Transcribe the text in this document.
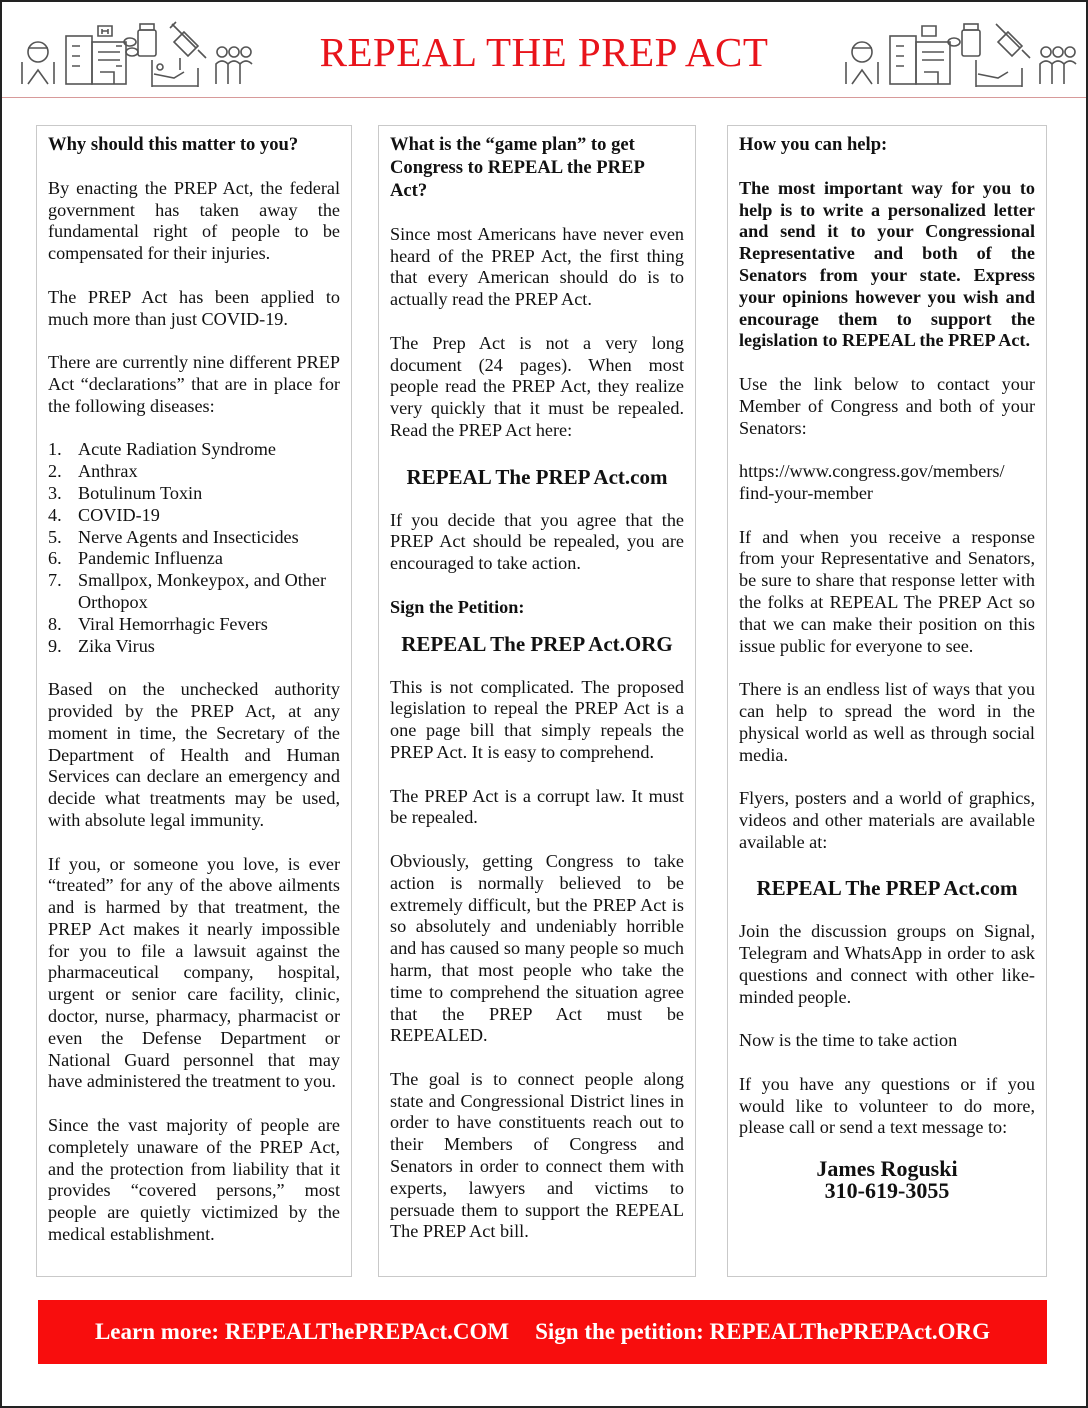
REPEAL THE PREP ACT
Why should this matter to you?

By enacting the PREP Act, the federal government has taken away the fundamental right of people to be compensated for their injuries.

The PREP Act has been applied to much more than just COVID-19.

There are currently nine different PREP Act “declarations” that are in place for the following diseases:

1. Acute Radiation Syndrome
2. Anthrax
3. Botulinum Toxin
4. COVID-19
5. Nerve Agents and Insecticides
6. Pandemic Influenza
7. Smallpox, Monkeypox, and Other Orthopox
8. Viral Hemorrhagic Fevers
9. Zika Virus

Based on the unchecked authority provided by the PREP Act, at any moment in time, the Secretary of the Department of Health and Human Services can declare an emergency and decide what treatments may be used, with absolute legal immunity.

If you, or someone you love, is ever “treated” for any of the above ailments and is harmed by that treatment, the PREP Act makes it nearly impossible for you to file a lawsuit against the pharmaceutical company, hospital, urgent or senior care facility, clinic, doctor, nurse, pharmacy, pharmacist or even the Defense Department or National Guard personnel that may have administered the treatment to you.

Since the vast majority of people are completely unaware of the PREP Act, and the protection from liability that it provides “covered persons,” most people are quietly victimized by the medical establishment.

What is the “game plan” to get Congress to REPEAL the PREP Act?

Since most Americans have never even heard of the PREP Act, the first thing that every American should do is to actually read the PREP Act.

The Prep Act is not a very long document (24 pages). When most people read the PREP Act, they realize very quickly that it must be repealed. Read the PREP Act here:

REPEAL The PREP Act.com

If you decide that you agree that the PREP Act should be repealed, you are encouraged to take action.

Sign the Petition:
REPEAL The PREP Act.ORG

This is not complicated. The proposed legislation to repeal the PREP Act is a one page bill that simply repeals the PREP Act. It is easy to comprehend.

The PREP Act is a corrupt law. It must be repealed.

Obviously, getting Congress to take action is normally believed to be extremely difficult, but the PREP Act is so absolutely and undeniably horrible and has caused so many people so much harm, that most people who take the time to comprehend the situation agree that the PREP Act must be REPEALED.

The goal is to connect people along state and Congressional District lines in order to have constituents reach out to their Members of Congress and Senators in order to connect them with experts, lawyers and victims to persuade them to support the REPEAL The PREP Act bill.

How you can help:

The most important way for you to help is to write a personalized letter and send it to your Congressional Representative and both of the Senators from your state. Express your opinions however you wish and encourage them to support the legislation to REPEAL the PREP Act.

Use the link below to contact your Member of Congress and both of your Senators:

https://www.congress.gov/members/ find-your-member

If and when you receive a response from your Representative and Senators, be sure to share that response letter with the folks at REPEAL The PREP Act so that we can make their position on this issue public for everyone to see.

There is an endless list of ways that you can help to spread the word in the physical world as well as through social media.

Flyers, posters and a world of graphics, videos and other materials are available available at:

REPEAL The PREP Act.com

Join the discussion groups on Signal, Telegram and WhatsApp in order to ask questions and connect with other like-minded people.

Now is the time to take action

If you have any questions or if you would like to volunteer to do more, please call or send a text message to:

James Roguski
310-619-3055
Learn more: REPEALThePREPAct.COM Sign the petition: REPEALThePREPAct.ORG
